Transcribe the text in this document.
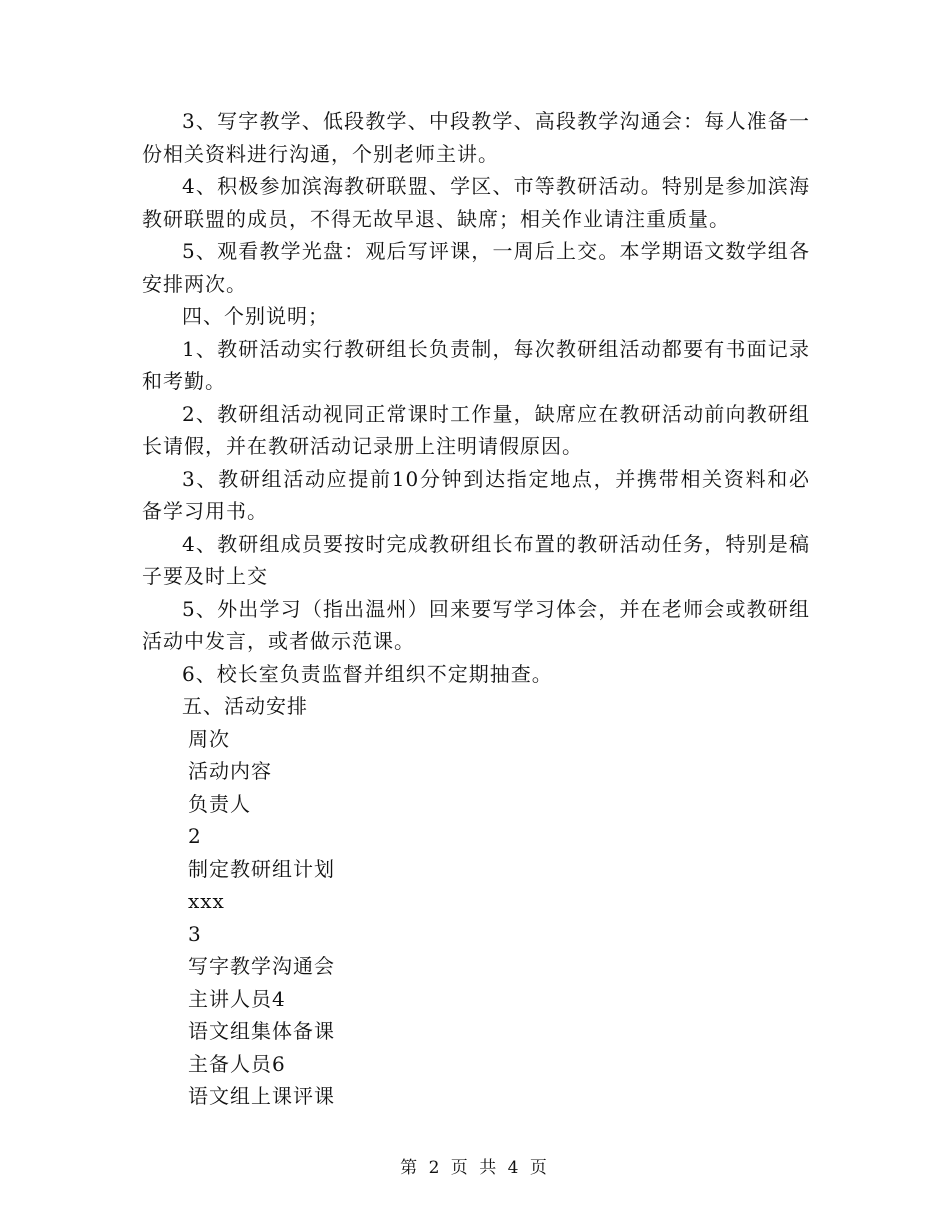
3、写字教学、低段教学、中段教学、高段教学沟通会：每人准备一份相关资料进行沟通，个别老师主讲。

4、积极参加滨海教研联盟、学区、市等教研活动。特别是参加滨海教研联盟的成员，不得无故早退、缺席；相关作业请注重质量。

5、观看教学光盘：观后写评课，一周后上交。本学期语文数学组各安排两次。

四、个别说明；

1、教研活动实行教研组长负责制，每次教研组活动都要有书面记录和考勤。

2、教研组活动视同正常课时工作量，缺席应在教研活动前向教研组长请假，并在教研活动记录册上注明请假原因。

3、教研组活动应提前10分钟到达指定地点，并携带相关资料和必备学习用书。

4、教研组成员要按时完成教研组长布置的教研活动任务，特别是稿子要及时上交

5、外出学习（指出温州）回来要写学习体会，并在老师会或教研组活动中发言，或者做示范课。

6、校长室负责监督并组织不定期抽查。

五、活动安排

周次

活动内容

负责人

2

制定教研组计划

xxx

3

写字教学沟通会

主讲人员4

语文组集体备课

主备人员6

语文组上课评课

第 2 页 共 4 页
